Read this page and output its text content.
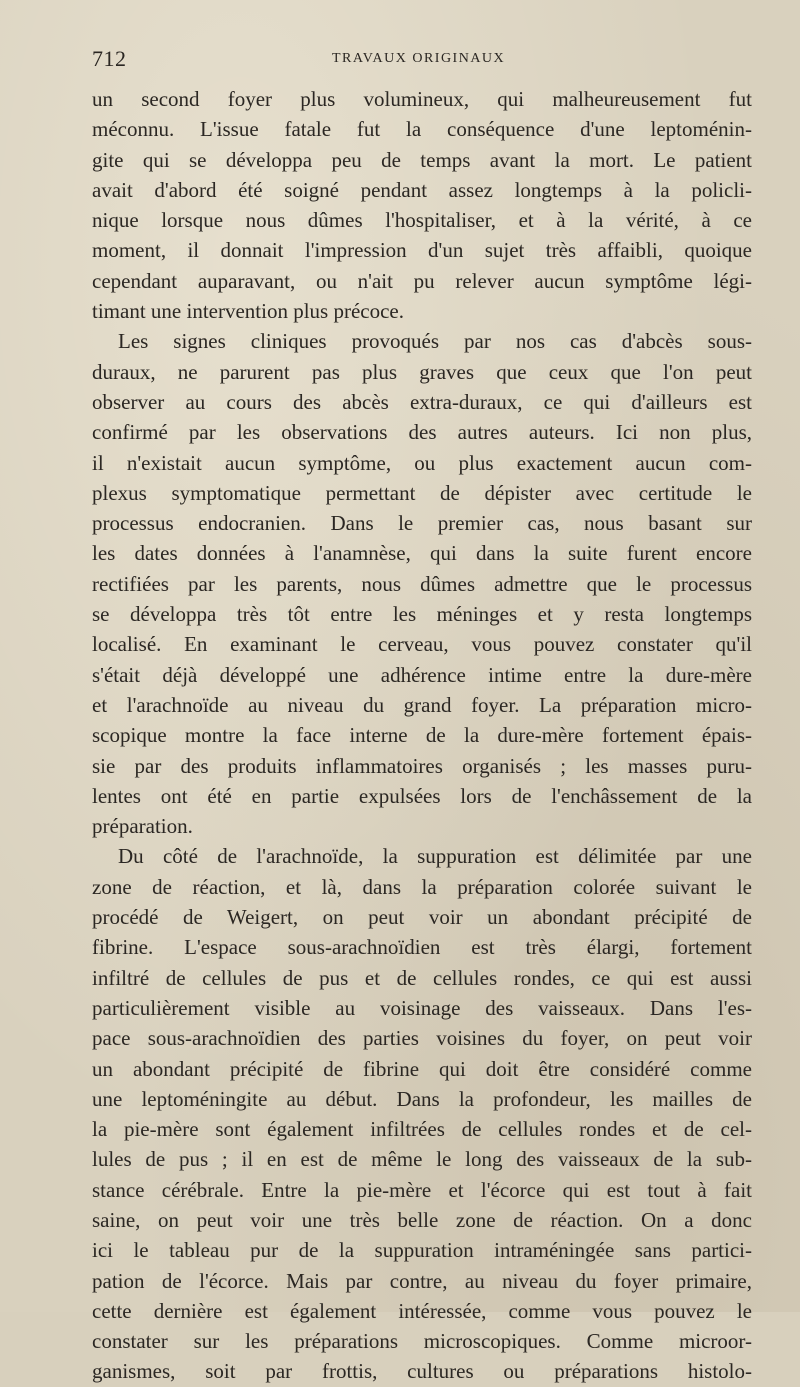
712	TRAVAUX ORIGINAUX
un second foyer plus volumineux, qui malheureusement fut
méconnu. L'issue fatale fut la conséquence d'une leptoménin-
gite qui se développa peu de temps avant la mort. Le patient
avait d'abord été soigné pendant assez longtemps à la policli-
nique lorsque nous dûmes l'hospitaliser, et à la vérité, à ce
moment, il donnait l'impression d'un sujet très affaibli, quoique
cependant auparavant, ou n'ait pu relever aucun symptôme légi-
timant une intervention plus précoce.
Les signes cliniques provoqués par nos cas d'abcès sous-
duraux, ne parurent pas plus graves que ceux que l'on peut
observer au cours des abcès extra-duraux, ce qui d'ailleurs est
confirmé par les observations des autres auteurs. Ici non plus,
il n'existait aucun symptôme, ou plus exactement aucun com-
plexus symptomatique permettant de dépister avec certitude le
processus endocranien. Dans le premier cas, nous basant sur
les dates données à l'anamnèse, qui dans la suite furent encore
rectifiées par les parents, nous dûmes admettre que le processus
se développa très tôt entre les méninges et y resta longtemps
localisé. En examinant le cerveau, vous pouvez constater qu'il
s'était déjà développé une adhérence intime entre la dure-mère
et l'arachnoïde au niveau du grand foyer. La préparation micro-
scopique montre la face interne de la dure-mère fortement épais-
sie par des produits inflammatoires organisés ; les masses puru-
lentes ont été en partie expulsées lors de l'enchâssement de la
préparation.
Du côté de l'arachnoïde, la suppuration est délimitée par une
zone de réaction, et là, dans la préparation colorée suivant le
procédé de Weigert, on peut voir un abondant précipité de
fibrine. L'espace sous-arachnoïdien est très élargi, fortement
infiltré de cellules de pus et de cellules rondes, ce qui est aussi
particulièrement visible au voisinage des vaisseaux. Dans l'es-
pace sous-arachnoïdien des parties voisines du foyer, on peut voir
un abondant précipité de fibrine qui doit être considéré comme
une leptoméningite au début. Dans la profondeur, les mailles de
la pie-mère sont également infiltrées de cellules rondes et de cel-
lules de pus ; il en est de même le long des vaisseaux de la sub-
stance cérébrale. Entre la pie-mère et l'écorce qui est tout à fait
saine, on peut voir une très belle zone de réaction. On a donc
ici le tableau pur de la suppuration intraméningée sans partici-
pation de l'écorce. Mais par contre, au niveau du foyer primaire,
cette dernière est également intéressée, comme vous pouvez le
constater sur les préparations microscopiques. Comme microor-
ganismes, soit par frottis, cultures ou préparations histolo-
